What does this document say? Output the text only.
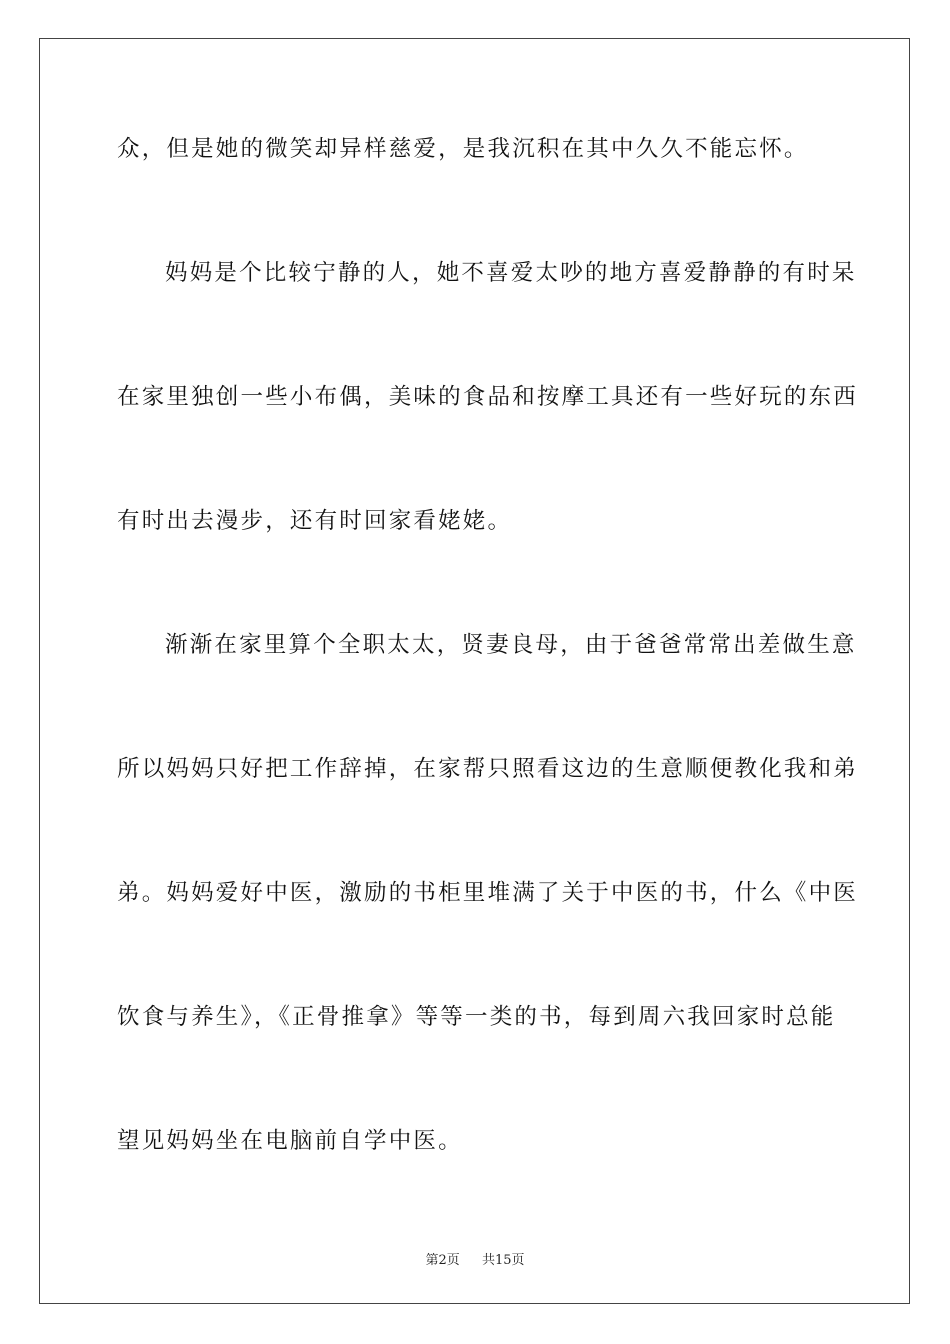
众，但是她的微笑却异样慈爱，是我沉积在其中久久不能忘怀。
妈妈是个比较宁静的人，她不喜爱太吵的地方喜爱静静的有时呆
在家里独创一些小布偶，美味的食品和按摩工具还有一些好玩的东西
有时出去漫步，还有时回家看姥姥。
渐渐在家里算个全职太太，贤妻良母，由于爸爸常常出差做生意
所以妈妈只好把工作辞掉，在家帮只照看这边的生意顺便教化我和弟
弟。妈妈爱好中医，激励的书柜里堆满了关于中医的书，什么《中医
饮食与养生》，《正骨推拿》等等一类的书，每到周六我回家时总能
望见妈妈坐在电脑前自学中医。
第2页 共15页
